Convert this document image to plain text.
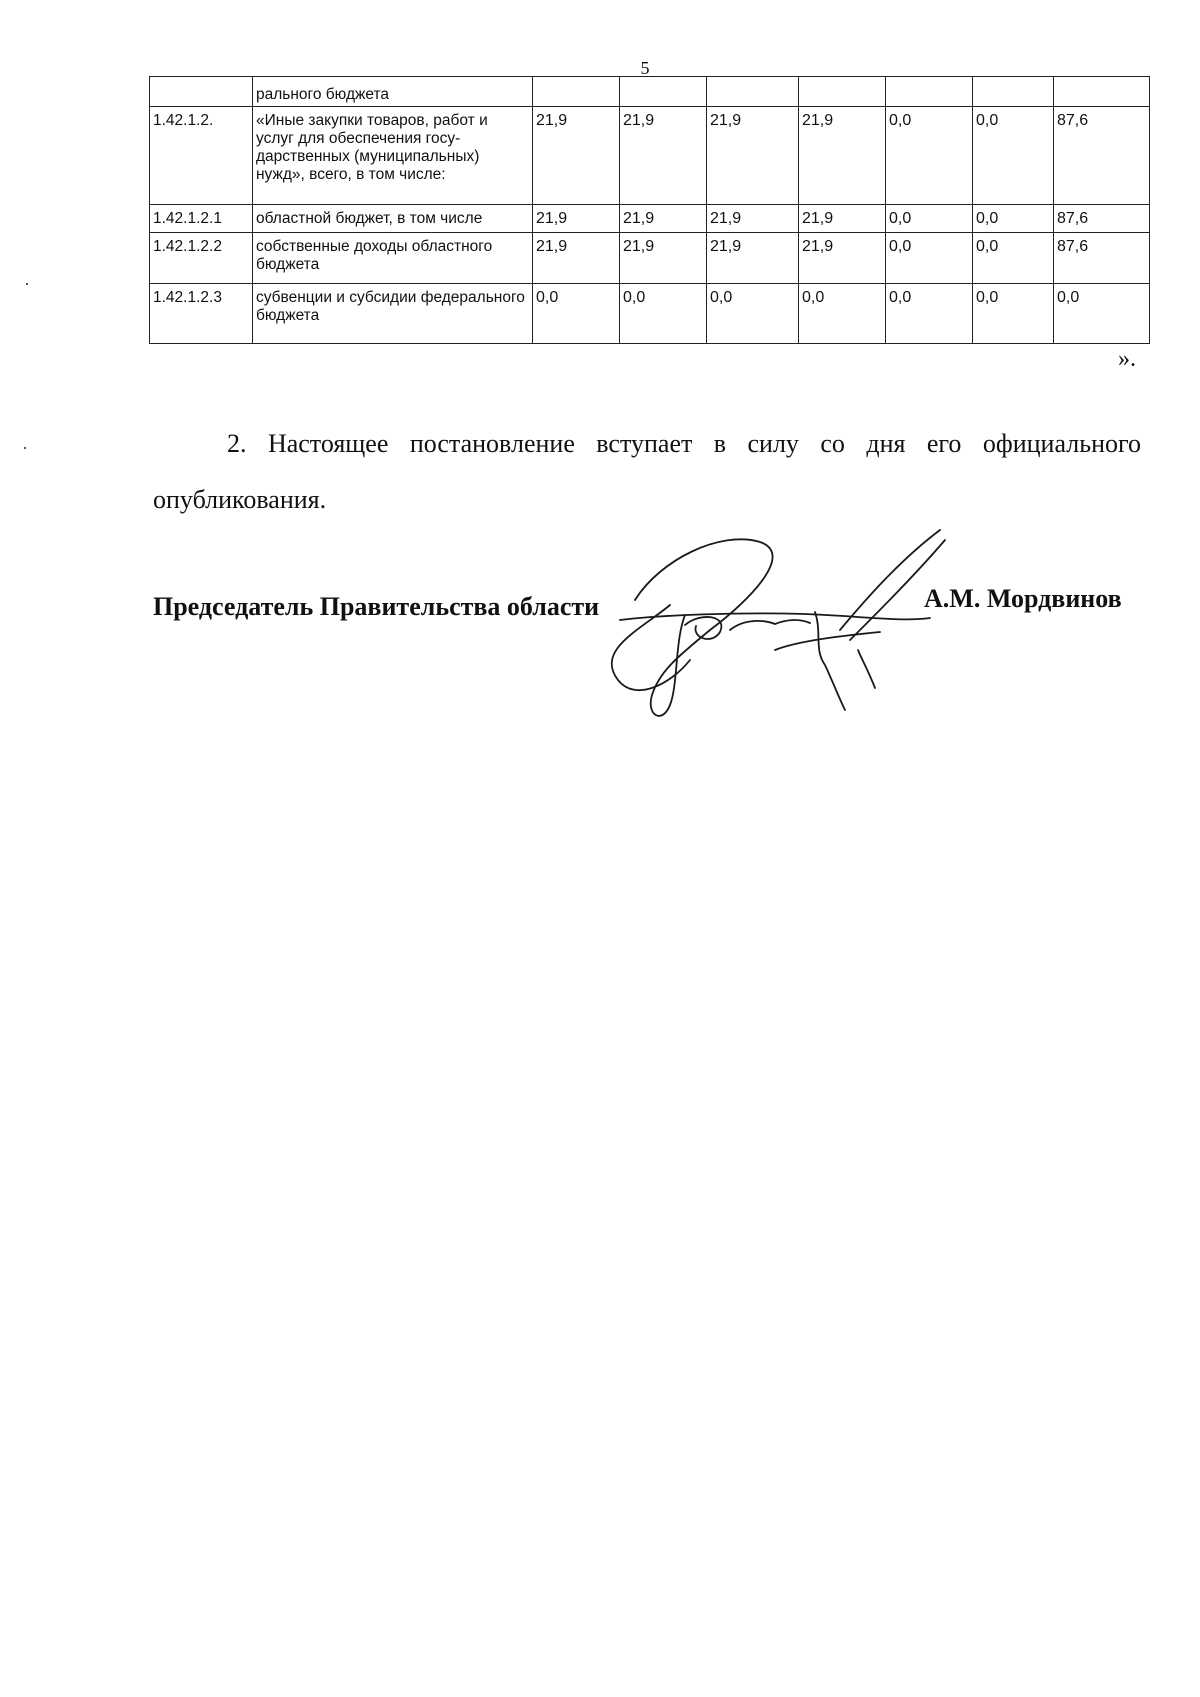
5
	рального бюджета							
1.42.1.2.	«Иные закупки товаров, работ и услуг для обеспечения государственных (муниципальных) нужд», всего, в том числе:	21,9	21,9	21,9	21,9	0,0	0,0	87,6
1.42.1.2.1	областной бюджет, в том числе	21,9	21,9	21,9	21,9	0,0	0,0	87,6
1.42.1.2.2	собственные доходы областного бюджета	21,9	21,9	21,9	21,9	0,0	0,0	87,6
1.42.1.2.3	субвенции и субсидии федерального бюджета	0,0	0,0	0,0	0,0	0,0	0,0	0,0
».

2. Настоящее постановление вступает в силу со дня его официального опубликования.

Председатель Правительства области	А.М. Мордвинов
